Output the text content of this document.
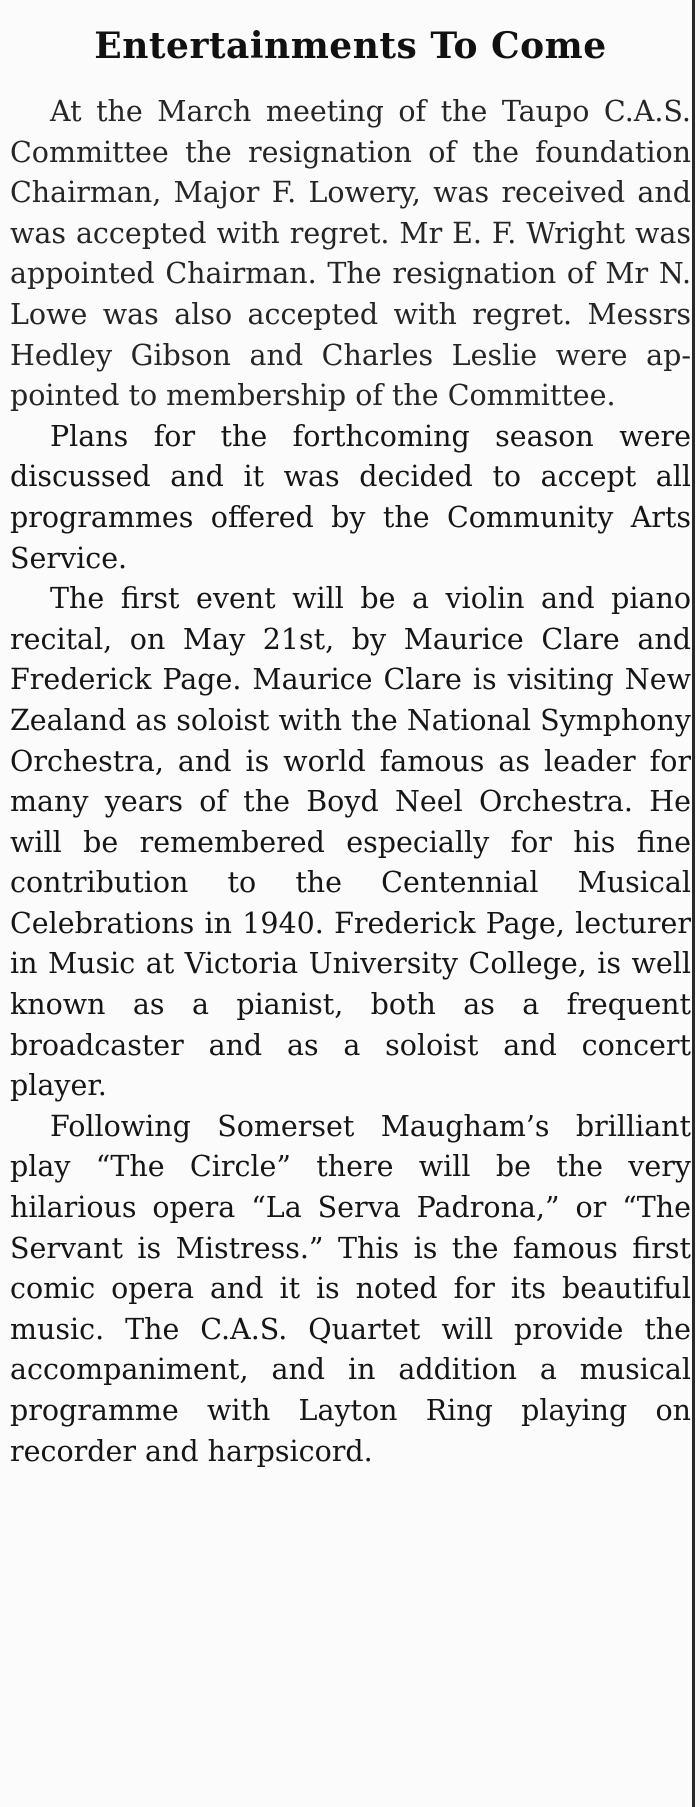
Entertainments To Come

At the March meeting of the Taupo C.A.S. Committee the resignation of the foundation Chairman, Major F. Lowery, was received and was accepted with regret. Mr E. F. Wright was appointed Chairman. The resignation of Mr N. Lowe was also accepted with regret. Messrs Hedley Gibson and Charles Leslie were appointed to membership of the Committee.

Plans for the forthcoming season were discussed and it was decided to accept all programmes offered by the Community Arts Service.

The first event will be a violin and piano recital, on May 21st, by Maurice Clare and Frederick Page. Maurice Clare is visiting New Zealand as soloist with the National Symphony Orchestra, and is world famous as leader for many years of the Boyd Neel Orchestra. He will be remembered especially for his fine contribution to the Centennial Musical Celebrations in 1940. Frederick Page, lecturer in Music at Victoria University College, is well known as a pianist, both as a frequent broadcaster and as a soloist and concert player.

Following Somerset Maugham’s brilliant play “The Circle” there will be the very hilarious opera “La Serva Padrona,” or “The Servant is Mistress.” This is the famous first comic opera and it is noted for its beautiful music. The C.A.S. Quartet will provide the accompaniment, and in addition a musical programme with Layton Ring playing on recorder and harpsicord.
